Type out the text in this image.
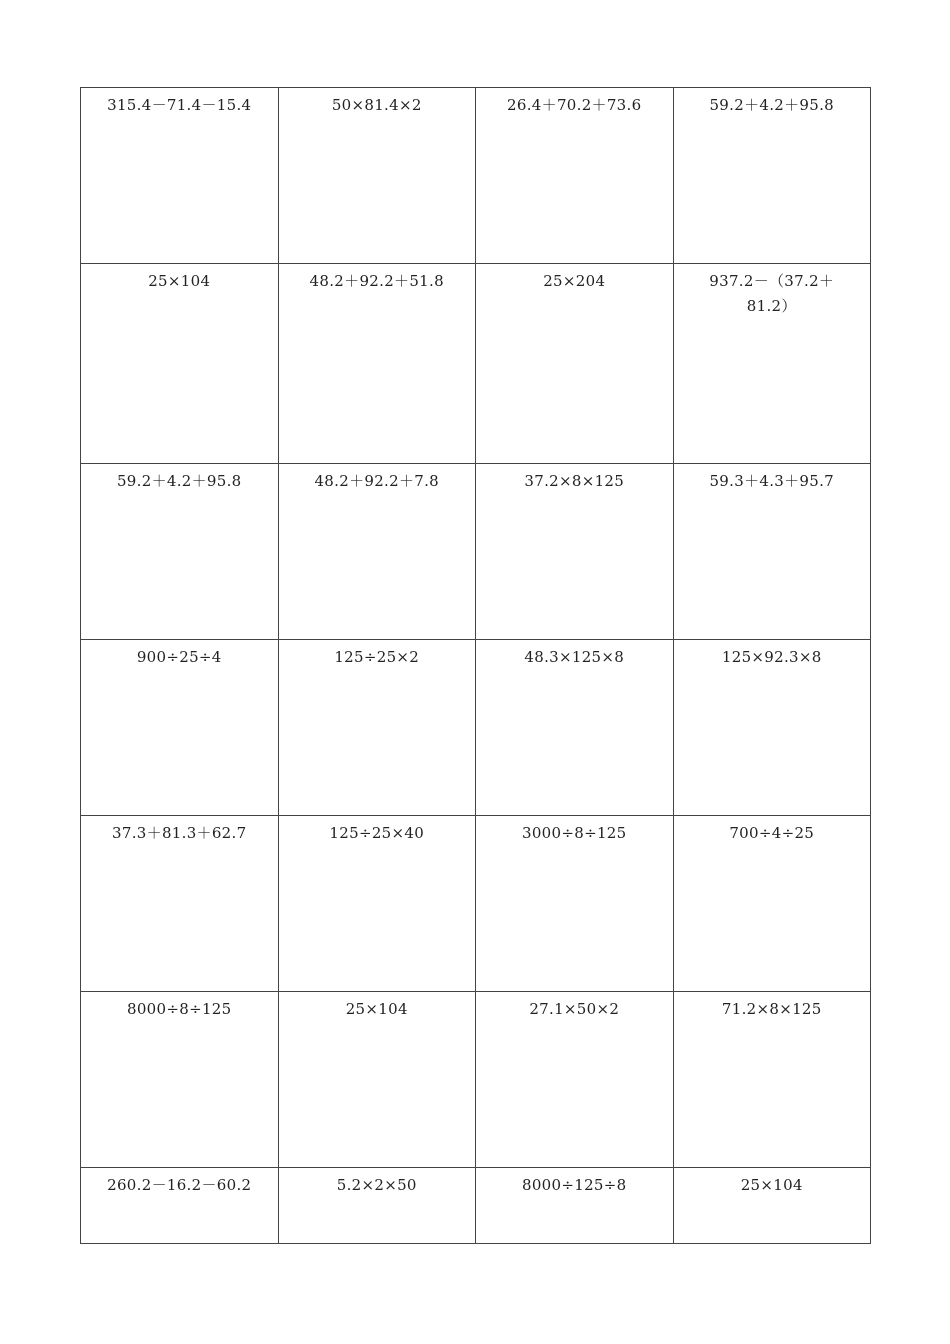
315.4－71.4－15.4	50×81.4×2	26.4＋70.2＋73.6	59.2＋4.2＋95.8
25×104	48.2＋92.2＋51.8	25×204	937.2－（37.2＋81.2）
59.2＋4.2＋95.8	48.2＋92.2＋7.8	37.2×8×125	59.3＋4.3＋95.7
900÷25÷4	125÷25×2	48.3×125×8	125×92.3×8
37.3＋81.3＋62.7	125÷25×40	3000÷8÷125	700÷4÷25
8000÷8÷125	25×104	27.1×50×2	71.2×8×125
260.2－16.2－60.2	5.2×2×50	8000÷125÷8	25×104
